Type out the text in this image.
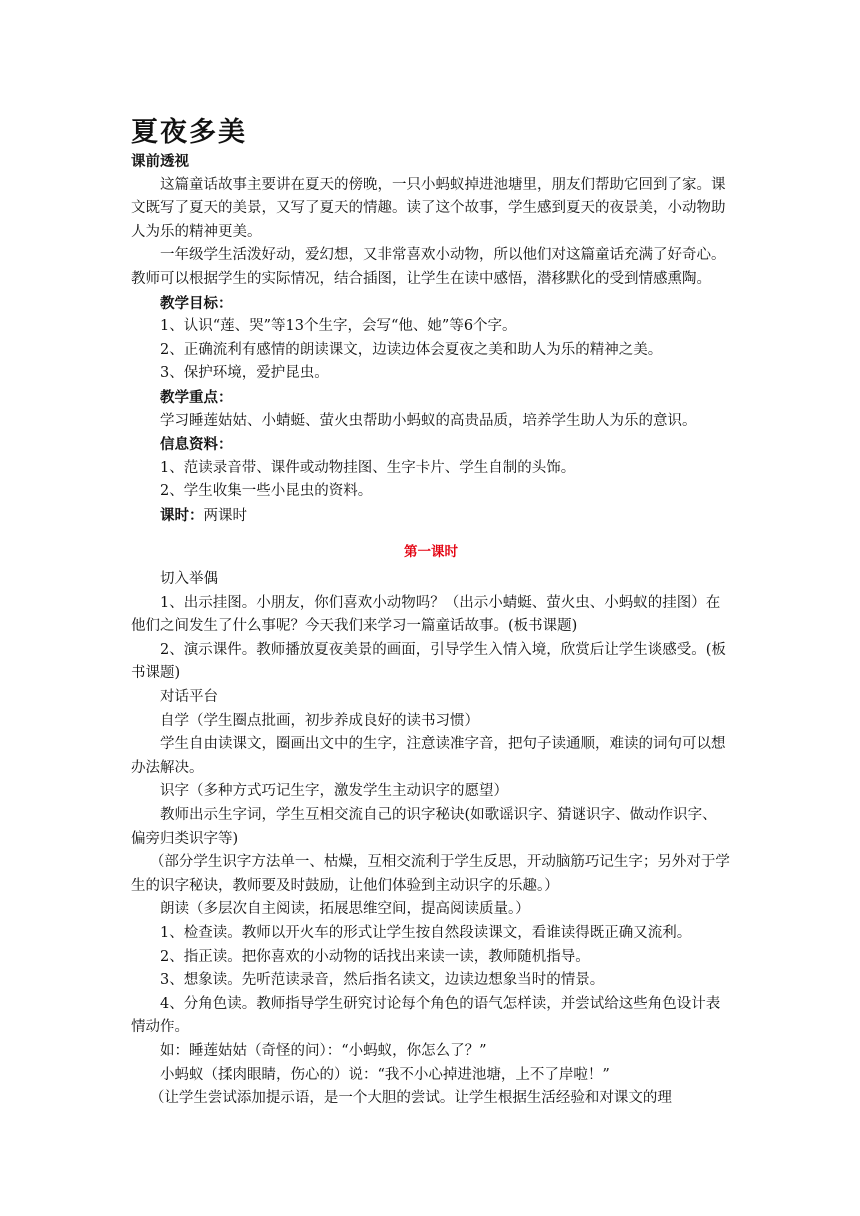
夏夜多美

课前透视

这篇童话故事主要讲在夏天的傍晚，一只小蚂蚁掉进池塘里，朋友们帮助它回到了家。课文既写了夏天的美景，又写了夏天的情趣。读了这个故事，学生感到夏天的夜景美，小动物助人为乐的精神更美。

一年级学生活泼好动，爱幻想，又非常喜欢小动物，所以他们对这篇童话充满了好奇心。教师可以根据学生的实际情况，结合插图，让学生在读中感悟，潜移默化的受到情感熏陶。

教学目标：

1、认识“莲、哭”等13个生字，会写“他、她”等6个字。

2、正确流利有感情的朗读课文，边读边体会夏夜之美和助人为乐的精神之美。

3、保护环境，爱护昆虫。

教学重点：

学习睡莲姑姑、小蜻蜓、萤火虫帮助小蚂蚁的高贵品质，培养学生助人为乐的意识。

信息资料：

1、范读录音带、课件或动物挂图、生字卡片、学生自制的头饰。

2、学生收集一些小昆虫的资料。

课时：两课时

第一课时

切入举偶

1、出示挂图。小朋友，你们喜欢小动物吗？（出示小蜻蜓、萤火虫、小蚂蚁的挂图）在他们之间发生了什么事呢？今天我们来学习一篇童话故事。(板书课题)

2、演示课件。教师播放夏夜美景的画面，引导学生入情入境，欣赏后让学生谈感受。(板书课题)

对话平台

自学（学生圈点批画，初步养成良好的读书习惯）

学生自由读课文，圈画出文中的生字，注意读准字音，把句子读通顺，难读的词句可以想办法解决。

识字（多种方式巧记生字，激发学生主动识字的愿望）

教师出示生字词，学生互相交流自己的识字秘诀(如歌谣识字、猜谜识字、做动作识字、偏旁归类识字等)

（部分学生识字方法单一、枯燥，互相交流利于学生反思，开动脑筋巧记生字；另外对于学生的识字秘诀，教师要及时鼓励，让他们体验到主动识字的乐趣。）

朗读（多层次自主阅读，拓展思维空间，提高阅读质量。）

1、检查读。教师以开火车的形式让学生按自然段读课文，看谁读得既正确又流利。

2、指正读。把你喜欢的小动物的话找出来读一读，教师随机指导。

3、想象读。先听范读录音，然后指名读文，边读边想象当时的情景。

4、分角色读。教师指导学生研究讨论每个角色的语气怎样读，并尝试给这些角色设计表情动作。

如：睡莲姑姑（奇怪的问）：“小蚂蚁，你怎么了？”

小蚂蚁（揉肉眼睛，伤心的）说：“我不小心掉进池塘，上不了岸啦！”

（让学生尝试添加提示语，是一个大胆的尝试。让学生根据生活经验和对课文的理
